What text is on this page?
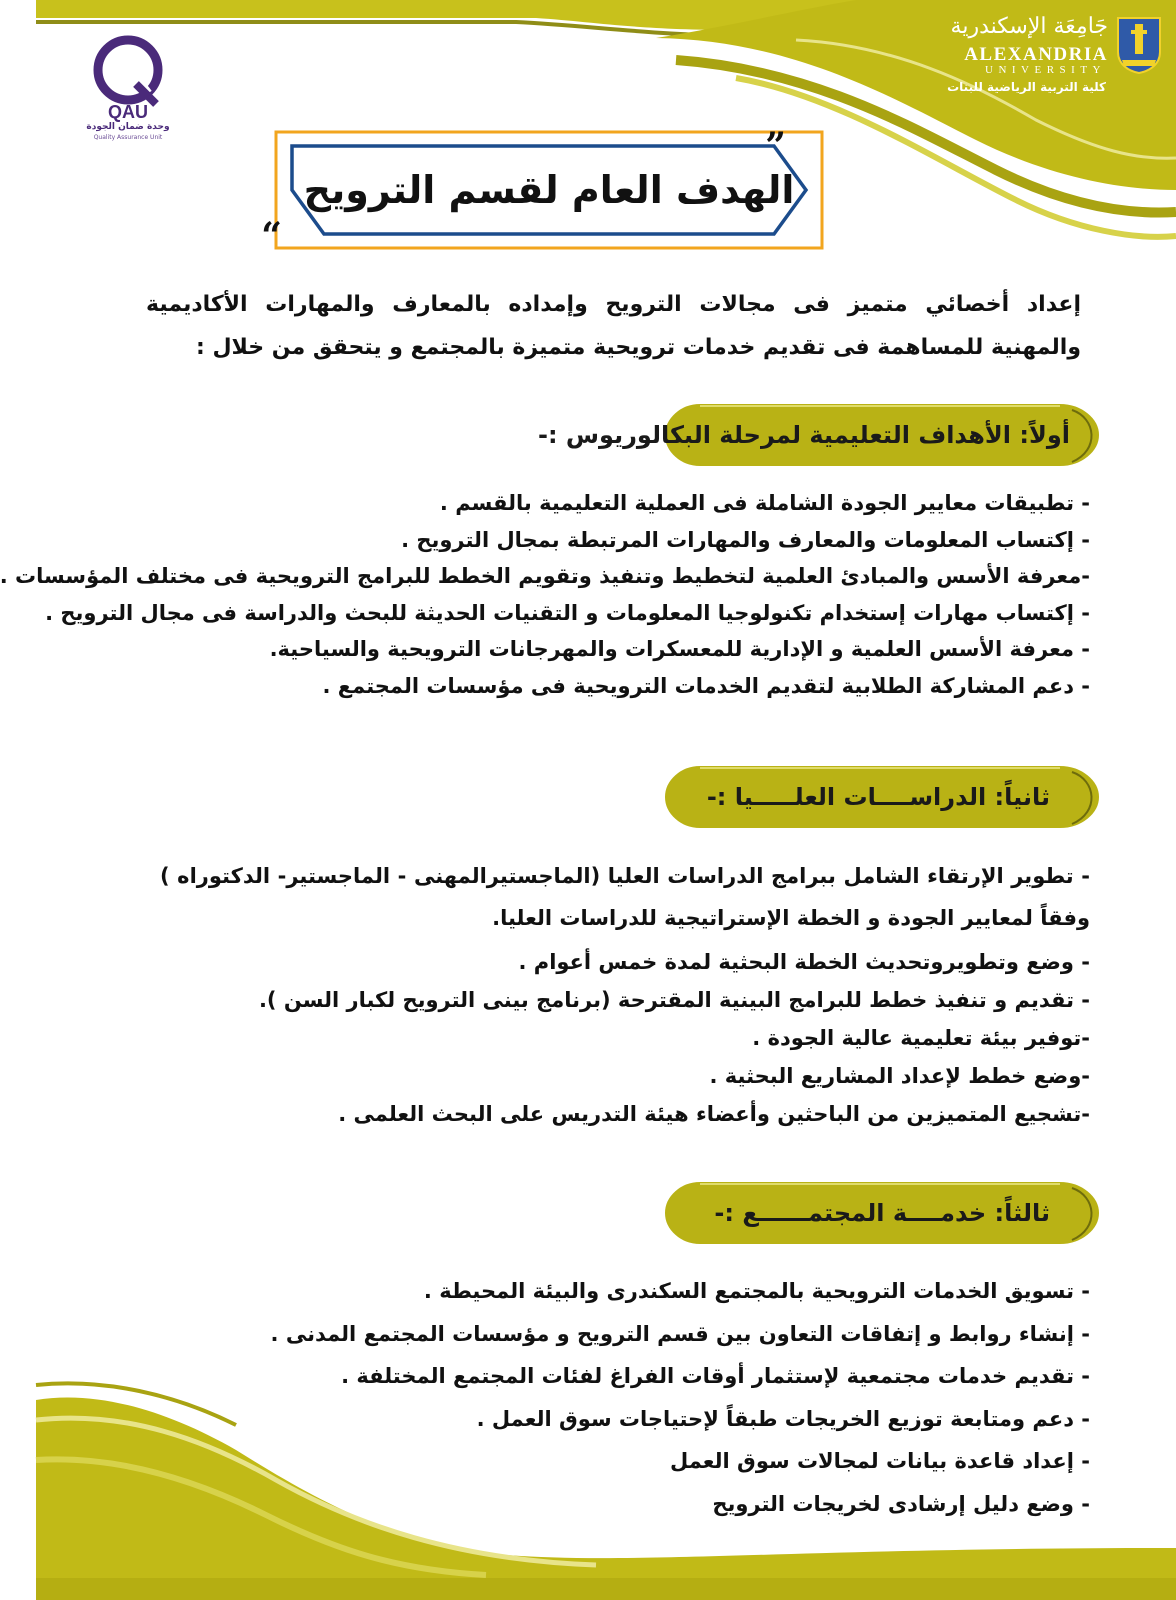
جَامِعَة الإسكندرية
ALEXANDRIA
UNIVERSITY
كلية التربية الرياضية للبنات
QAU
وحدة ضمان الجودة
Quality Assurance Unit	”
“
الهدف العام لقسم الترويح
إعداد أخصائي متميز فى مجالات الترويح وإمداده بالمعارف والمهارات الأكاديمية والمهنية للمساهمة فى تقديم خدمات ترويحية متميزة بالمجتمع و يتحقق من خلال :
أولاً: الأهداف التعليمية لمرحلة البكالوريوس :-
- تطبيقات معايير الجودة الشاملة فى العملية التعليمية بالقسم .
- إكتساب المعلومات والمعارف والمهارات المرتبطة بمجال الترويح .
-معرفة الأسس والمبادئ العلمية لتخطيط وتنفيذ وتقويم الخطط للبرامج الترويحية فى مختلف المؤسسات .
- إكتساب مهارات إستخدام تكنولوجيا المعلومات و التقنيات الحديثة للبحث والدراسة فى مجال الترويح .
- معرفة الأسس العلمية و الإدارية للمعسكرات والمهرجانات الترويحية والسياحية.
- دعم المشاركة الطلابية لتقديم الخدمات الترويحية فى مؤسسات المجتمع .
ثانياً: الدراســــات العلـــــيا :-
- تطوير الإرتقاء الشامل ببرامج الدراسات العليا (الماجستيرالمهنى - الماجستير- الدكتوراه ) وفقاً لمعايير الجودة و الخطة الإستراتيجية للدراسات العليا.
- وضع وتطويروتحديث الخطة البحثية لمدة خمس أعوام .
- تقديم و تنفيذ خطط للبرامج البينية المقترحة (برنامج بينى الترويح لكبار السن ).
-توفير بيئة تعليمية عالية الجودة .
-وضع خطط لإعداد المشاريع البحثية .
-تشجيع المتميزين من الباحثين وأعضاء هيئة التدريس على البحث العلمى .
ثالثاً: خدمــــة المجتمــــــع :-
- تسويق الخدمات الترويحية بالمجتمع السكندرى والبيئة المحيطة .
- إنشاء روابط و إتفاقات التعاون بين قسم الترويح و مؤسسات المجتمع المدنى .
- تقديم خدمات مجتمعية لإستثمار أوقات الفراغ لفئات المجتمع المختلفة .
- دعم ومتابعة توزيع الخريجات طبقاً لإحتياجات سوق العمل .
- إعداد قاعدة بيانات لمجالات سوق العمل
- وضع دليل إرشادى لخريجات الترويح
